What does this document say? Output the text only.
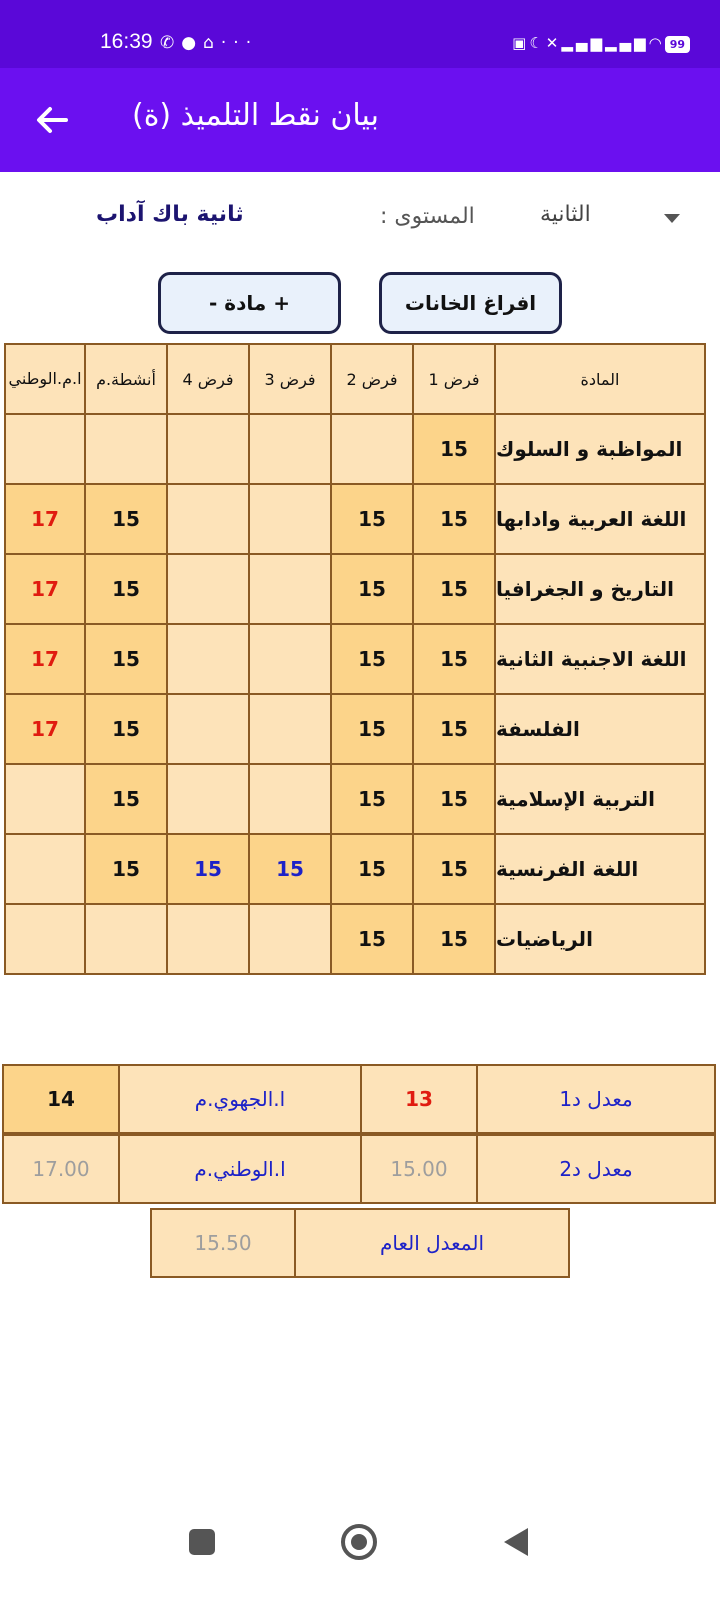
16:39 ✆●⌂···	▣☾✕▂▄▆▂▄▆◠ 99
بيان نقط التلميذ (ة)
الثانية
المستوى :
ثانية باك آداب
افراغ الخانات
+ مادة -
المادة
فرض 1
فرض 2
فرض 3
فرض 4
أنشطة.م
ا.م.الوطني
المواظبة و السلوك
15
اللغة العربية وادابها
15
15
15
17
التاريخ و الجغرافيا
15
15
15
17
اللغة الاجنبية الثانية
15
15
15
17
الفلسفة
15
15
15
17
التربية الإسلامية
15
15
15
اللغة الفرنسية
15
15
15
15
15
الرياضيات
15
15
معدل د1
13
ا.الجهوي.م
14
معدل د2
15.00
ا.الوطني.م
17.00
المعدل العام
15.50
